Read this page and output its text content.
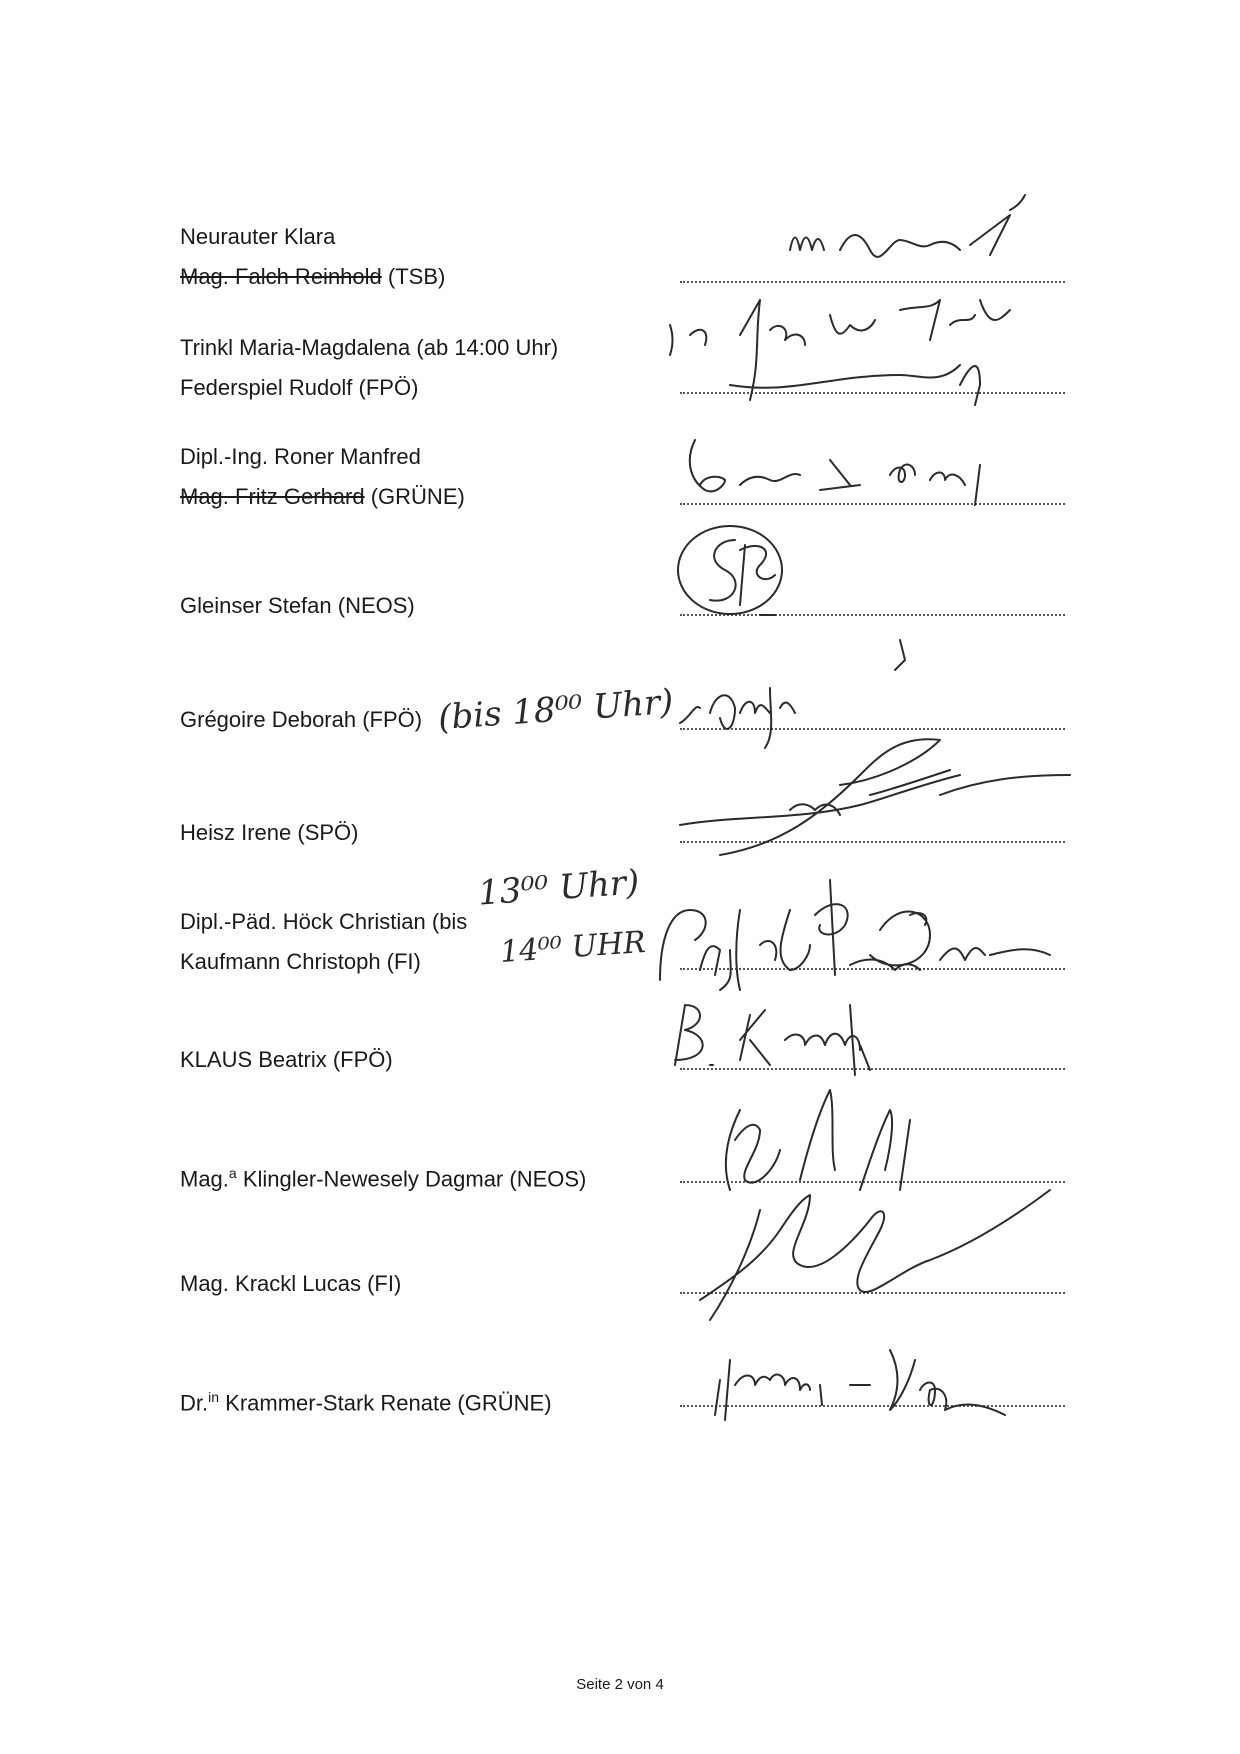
Neurauter Klara
Mag. Falch Reinhold (TSB)
Trinkl Maria-Magdalena (ab 14:00 Uhr)
Federspiel Rudolf (FPÖ)
Dipl.-Ing. Roner Manfred
Mag. Fritz Gerhard (GRÜNE)
Gleinser Stefan (NEOS)
Grégoire Deborah (FPÖ)
Heisz Irene (SPÖ)
Dipl.-Päd. Höck Christian (bis
Kaufmann Christoph (FI)
KLAUS Beatrix (FPÖ)
Mag.$^a$ Klingler-Newesely Dagmar (NEOS)
Mag. Krackl Lucas (FI)
Dr.$^{in}$ Krammer-Stark Renate (GRÜNE)
(bis 18⁰⁰ Uhr)
13⁰⁰ Uhr)
14⁰⁰ UHR
Seite 2 von 4
